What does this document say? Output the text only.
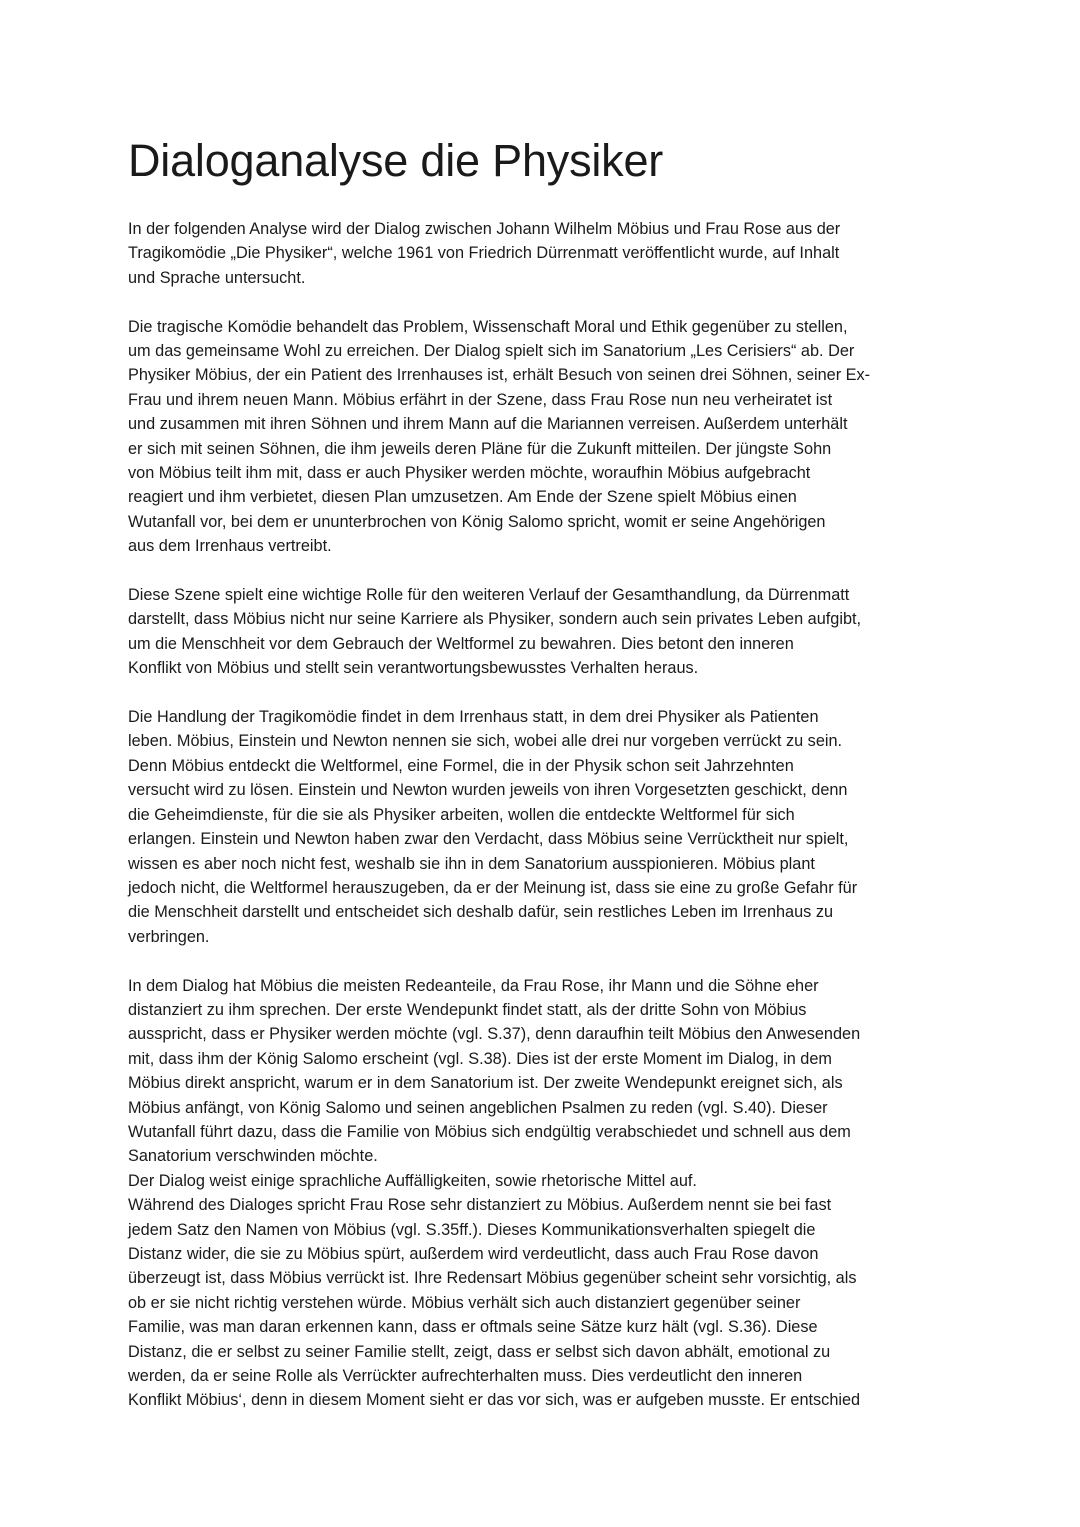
Dialoganalyse die Physiker

In der folgenden Analyse wird der Dialog zwischen Johann Wilhelm Möbius und Frau Rose aus der

Tragikomödie „Die Physiker“, welche 1961 von Friedrich Dürrenmatt veröffentlicht wurde, auf Inhalt

und Sprache untersucht.

Die tragische Komödie behandelt das Problem, Wissenschaft Moral und Ethik gegenüber zu stellen,

um das gemeinsame Wohl zu erreichen. Der Dialog spielt sich im Sanatorium „Les Cerisiers“ ab. Der

Physiker Möbius, der ein Patient des Irrenhauses ist, erhält Besuch von seinen drei Söhnen, seiner Ex-

Frau und ihrem neuen Mann. Möbius erfährt in der Szene, dass Frau Rose nun neu verheiratet ist

und zusammen mit ihren Söhnen und ihrem Mann auf die Mariannen verreisen. Außerdem unterhält

er sich mit seinen Söhnen, die ihm jeweils deren Pläne für die Zukunft mitteilen. Der jüngste Sohn

von Möbius teilt ihm mit, dass er auch Physiker werden möchte, woraufhin Möbius aufgebracht

reagiert und ihm verbietet, diesen Plan umzusetzen. Am Ende der Szene spielt Möbius einen

Wutanfall vor, bei dem er ununterbrochen von König Salomo spricht, womit er seine Angehörigen

aus dem Irrenhaus vertreibt.

Diese Szene spielt eine wichtige Rolle für den weiteren Verlauf der Gesamthandlung, da Dürrenmatt

darstellt, dass Möbius nicht nur seine Karriere als Physiker, sondern auch sein privates Leben aufgibt,

um die Menschheit vor dem Gebrauch der Weltformel zu bewahren. Dies betont den inneren

Konflikt von Möbius und stellt sein verantwortungsbewusstes Verhalten heraus.

Die Handlung der Tragikomödie findet in dem Irrenhaus statt, in dem drei Physiker als Patienten

leben. Möbius, Einstein und Newton nennen sie sich, wobei alle drei nur vorgeben verrückt zu sein.

Denn Möbius entdeckt die Weltformel, eine Formel, die in der Physik schon seit Jahrzehnten

versucht wird zu lösen. Einstein und Newton wurden jeweils von ihren Vorgesetzten geschickt, denn

die Geheimdienste, für die sie als Physiker arbeiten, wollen die entdeckte Weltformel für sich

erlangen. Einstein und Newton haben zwar den Verdacht, dass Möbius seine Verrücktheit nur spielt,

wissen es aber noch nicht fest, weshalb sie ihn in dem Sanatorium ausspionieren. Möbius plant

jedoch nicht, die Weltformel herauszugeben, da er der Meinung ist, dass sie eine zu große Gefahr für

die Menschheit darstellt und entscheidet sich deshalb dafür, sein restliches Leben im Irrenhaus zu

verbringen.

In dem Dialog hat Möbius die meisten Redeanteile, da Frau Rose, ihr Mann und die Söhne eher

distanziert zu ihm sprechen. Der erste Wendepunkt findet statt, als der dritte Sohn von Möbius

ausspricht, dass er Physiker werden möchte (vgl. S.37), denn daraufhin teilt Möbius den Anwesenden

mit, dass ihm der König Salomo erscheint (vgl. S.38). Dies ist der erste Moment im Dialog, in dem

Möbius direkt anspricht, warum er in dem Sanatorium ist. Der zweite Wendepunkt ereignet sich, als

Möbius anfängt, von König Salomo und seinen angeblichen Psalmen zu reden (vgl. S.40). Dieser

Wutanfall führt dazu, dass die Familie von Möbius sich endgültig verabschiedet und schnell aus dem

Sanatorium verschwinden möchte.

Der Dialog weist einige sprachliche Auffälligkeiten, sowie rhetorische Mittel auf.

Während des Dialoges spricht Frau Rose sehr distanziert zu Möbius. Außerdem nennt sie bei fast

jedem Satz den Namen von Möbius (vgl. S.35ff.). Dieses Kommunikationsverhalten spiegelt die

Distanz wider, die sie zu Möbius spürt, außerdem wird verdeutlicht, dass auch Frau Rose davon

überzeugt ist, dass Möbius verrückt ist. Ihre Redensart Möbius gegenüber scheint sehr vorsichtig, als

ob er sie nicht richtig verstehen würde. Möbius verhält sich auch distanziert gegenüber seiner

Familie, was man daran erkennen kann, dass er oftmals seine Sätze kurz hält (vgl. S.36). Diese

Distanz, die er selbst zu seiner Familie stellt, zeigt, dass er selbst sich davon abhält, emotional zu

werden, da er seine Rolle als Verrückter aufrechterhalten muss. Dies verdeutlicht den inneren

Konflikt Möbius‘, denn in diesem Moment sieht er das vor sich, was er aufgeben musste. Er entschied
